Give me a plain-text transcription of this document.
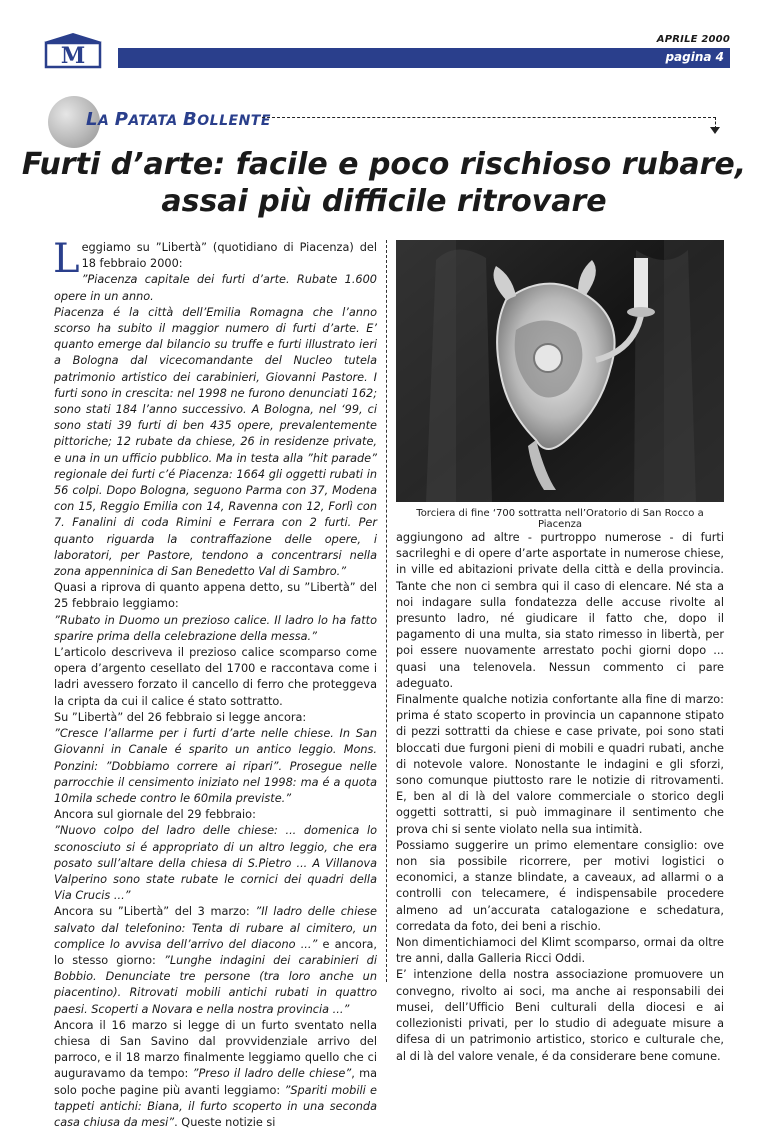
M
APRILE 2000
pagina 4
LA PATATA BOLLENTE
Furti d’arte: facile e poco rischioso rubare,
assai più difficile ritrovare
L eggiamo su ”Libertà” (quotidiano di Piacenza) del 18 febbraio 2000:

”Piacenza capitale dei furti d’arte. Rubate 1.600 opere in un anno.

Piacenza é la città dell’Emilia Romagna che l’anno scorso ha subito il maggior numero di furti d’arte. E’ quanto emerge dal bilancio su truffe e furti illustrato ieri a Bologna dal vicecomandante del Nucleo tutela patrimonio artistico dei carabinieri, Giovanni Pastore. I furti sono in crescita: nel 1998 ne furono denunciati 162; sono stati 184 l’anno successivo. A Bologna, nel ‘99, ci sono stati 39 furti di ben 435 opere, prevalentemente pittoriche; 12 rubate da chiese, 26 in residenze private, e una in un ufficio pubblico. Ma in testa alla ”hit parade” regionale dei furti c’é Piacenza: 1664 gli oggetti rubati in 56 colpi. Dopo Bologna, seguono Parma con 37, Modena con 15, Reggio Emilia con 14, Ravenna con 12, Forlì con 7. Fanalini di coda Rimini e Ferrara con 2 furti. Per quanto riguarda la contraffazione delle opere, i laboratori, per Pastore, tendono a concentrarsi nella zona appenninica di San Benedetto Val di Sambro.”

Quasi a riprova di quanto appena detto, su ”Libertà” del 25 febbraio leggiamo:

”Rubato in Duomo un prezioso calice. Il ladro lo ha fatto sparire prima della celebrazione della messa.”

L’articolo descriveva il prezioso calice scomparso come opera d’argento cesellato del 1700 e raccontava come i ladri avessero forzato il cancello di ferro che proteggeva la cripta da cui il calice é stato sottratto.

Su ”Libertà” del 26 febbraio si legge ancora:

”Cresce l’allarme per i furti d’arte nelle chiese. In San Giovanni in Canale é sparito un antico leggio. Mons. Ponzini: ”Dobbiamo correre ai ripari”. Prosegue nelle parrocchie il censimento iniziato nel 1998: ma é a quota 10mila schede contro le 60mila previste.”

Ancora sul giornale del 29 febbraio:

”Nuovo colpo del ladro delle chiese: ... domenica lo sconosciuto si é appropriato di un altro leggio, che era posato sull’altare della chiesa di S.Pietro ... A Villanova Valperino sono state rubate le cornici dei quadri della Via Crucis ...”

Ancora su ”Libertà” del 3 marzo: ”Il ladro delle chiese salvato dal telefonino: Tenta di rubare al cimitero, un complice lo avvisa dell’arrivo del diacono ...” e ancora, lo stesso giorno: ”Lunghe indagini dei carabinieri di Bobbio. Denunciate tre persone (tra loro anche un piacentino). Ritrovati mobili antichi rubati in quattro paesi. Scoperti a Novara e nella nostra provincia ...”

Ancora il 16 marzo si legge di un furto sventato nella chiesa di San Savino dal provvidenziale arrivo del parroco, e il 18 marzo finalmente leggiamo quello che ci auguravamo da tempo: ”Preso il ladro delle chiese”, ma solo poche pagine più avanti leggiamo: ”Spariti mobili e tappeti antichi: Biana, il furto scoperto in una seconda casa chiusa da mesi”. Queste notizie si

Torciera di fine ‘700 sottratta nell’Oratorio di San Rocco a Piacenza

aggiungono ad altre - purtroppo numerose - di furti sacrileghi e di opere d’arte asportate in numerose chiese, in ville ed abitazioni private della città e della provincia. Tante che non ci sembra qui il caso di elencare. Né sta a noi indagare sulla fondatezza delle accuse rivolte al presunto ladro, né giudicare il fatto che, dopo il pagamento di una multa, sia stato rimesso in libertà, per poi essere nuovamente arrestato pochi giorni dopo ... quasi una telenovela. Nessun commento ci pare adeguato.

Finalmente qualche notizia confortante alla fine di marzo: prima é stato scoperto in provincia un capannone stipato di pezzi sottratti da chiese e case private, poi sono stati bloccati due furgoni pieni di mobili e quadri rubati, anche di notevole valore. Nonostante le indagini e gli sforzi, sono comunque piuttosto rare le notizie di ritrovamenti. E, ben al di là del valore commerciale o storico degli oggetti sottratti, si può immaginare il sentimento che prova chi si sente violato nella sua intimità.

Possiamo suggerire un primo elementare consiglio: ove non sia possibile ricorrere, per motivi logistici o economici, a stanze blindate, a caveaux, ad allarmi o a controlli con telecamere, é indispensabile procedere almeno ad un’accurata catalogazione e schedatura, corredata da foto, dei beni a rischio.

Non dimentichiamoci del Klimt scomparso, ormai da oltre tre anni, dalla Galleria Ricci Oddi.

E’ intenzione della nostra associazione promuovere un convegno, rivolto ai soci, ma anche ai responsabili dei musei, dell’Ufficio Beni culturali della diocesi e ai collezionisti privati, per lo studio di adeguate misure a difesa di un patrimonio artistico, storico e culturale che, al di là del valore venale, é da considerare bene comune.
